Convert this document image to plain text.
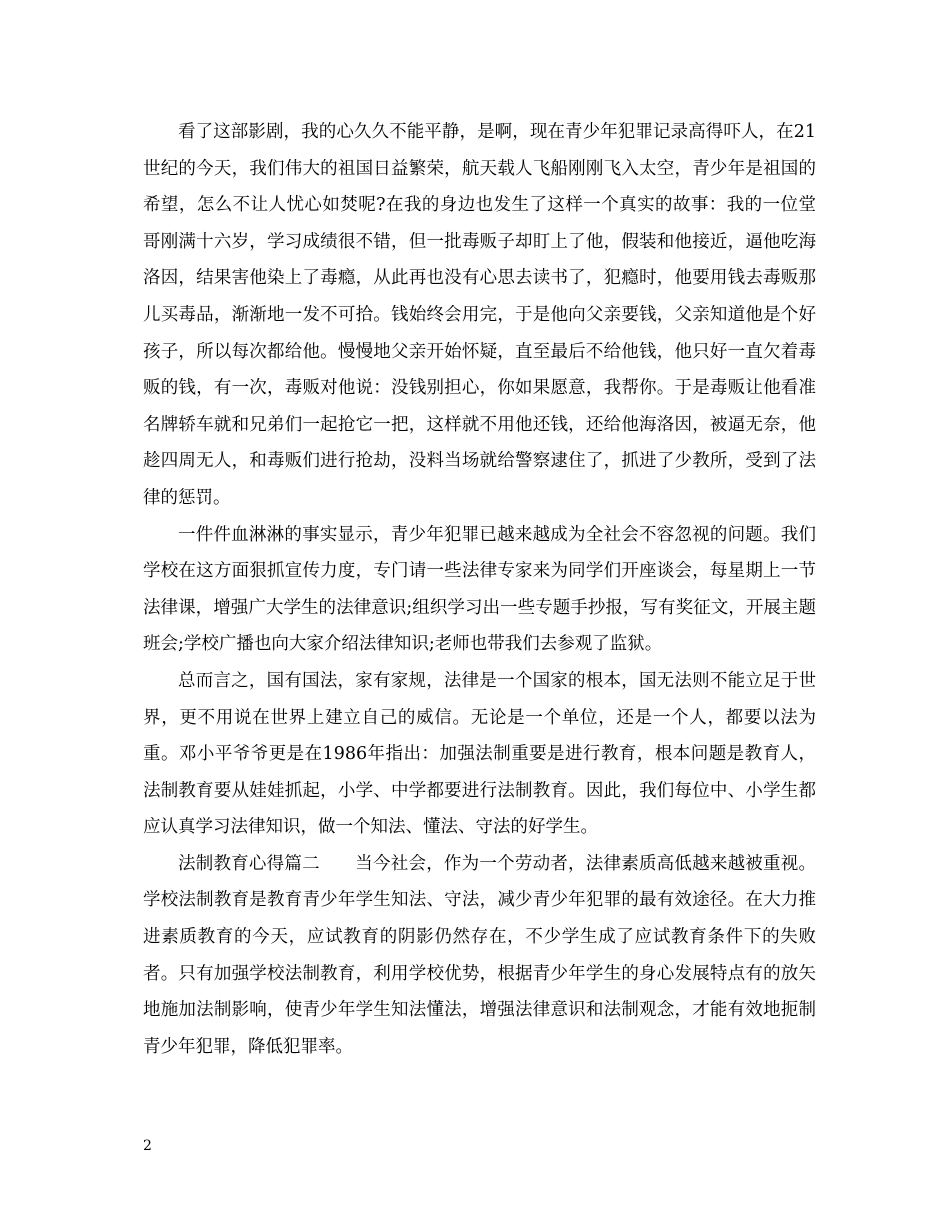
看了这部影剧，我的心久久不能平静，是啊，现在青少年犯罪记录高得吓人，在21世纪的今天，我们伟大的祖国日益繁荣，航天载人飞船刚刚飞入太空，青少年是祖国的希望，怎么不让人忧心如焚呢?在我的身边也发生了这样一个真实的故事：我的一位堂哥刚满十六岁，学习成绩很不错，但一批毒贩子却盯上了他，假装和他接近，逼他吃海洛因，结果害他染上了毒瘾，从此再也没有心思去读书了，犯瘾时，他要用钱去毒贩那儿买毒品，渐渐地一发不可拾。钱始终会用完，于是他向父亲要钱，父亲知道他是个好孩子，所以每次都给他。慢慢地父亲开始怀疑，直至最后不给他钱，他只好一直欠着毒贩的钱，有一次，毒贩对他说：没钱别担心，你如果愿意，我帮你。于是毒贩让他看准名牌轿车就和兄弟们一起抢它一把，这样就不用他还钱，还给他海洛因，被逼无奈，他趁四周无人，和毒贩们进行抢劫，没料当场就给警察逮住了，抓进了少教所，受到了法律的惩罚。

一件件血淋淋的事实显示，青少年犯罪已越来越成为全社会不容忽视的问题。我们学校在这方面狠抓宣传力度，专门请一些法律专家来为同学们开座谈会，每星期上一节法律课，增强广大学生的法律意识;组织学习出一些专题手抄报，写有奖征文，开展主题班会;学校广播也向大家介绍法律知识;老师也带我们去参观了监狱。

总而言之，国有国法，家有家规，法律是一个国家的根本，国无法则不能立足于世界，更不用说在世界上建立自己的威信。无论是一个单位，还是一个人，都要以法为重。邓小平爷爷更是在1986年指出：加强法制重要是进行教育，根本问题是教育人，法制教育要从娃娃抓起，小学、中学都要进行法制教育。因此，我们每位中、小学生都应认真学习法律知识，做一个知法、懂法、守法的好学生。

法制教育心得篇二　　当今社会，作为一个劳动者，法律素质高低越来越被重视。学校法制教育是教育青少年学生知法、守法，减少青少年犯罪的最有效途径。在大力推进素质教育的今天，应试教育的阴影仍然存在，不少学生成了应试教育条件下的失败者。只有加强学校法制教育，利用学校优势，根据青少年学生的身心发展特点有的放矢地施加法制影响，使青少年学生知法懂法，增强法律意识和法制观念，才能有效地扼制青少年犯罪，降低犯罪率。

2
